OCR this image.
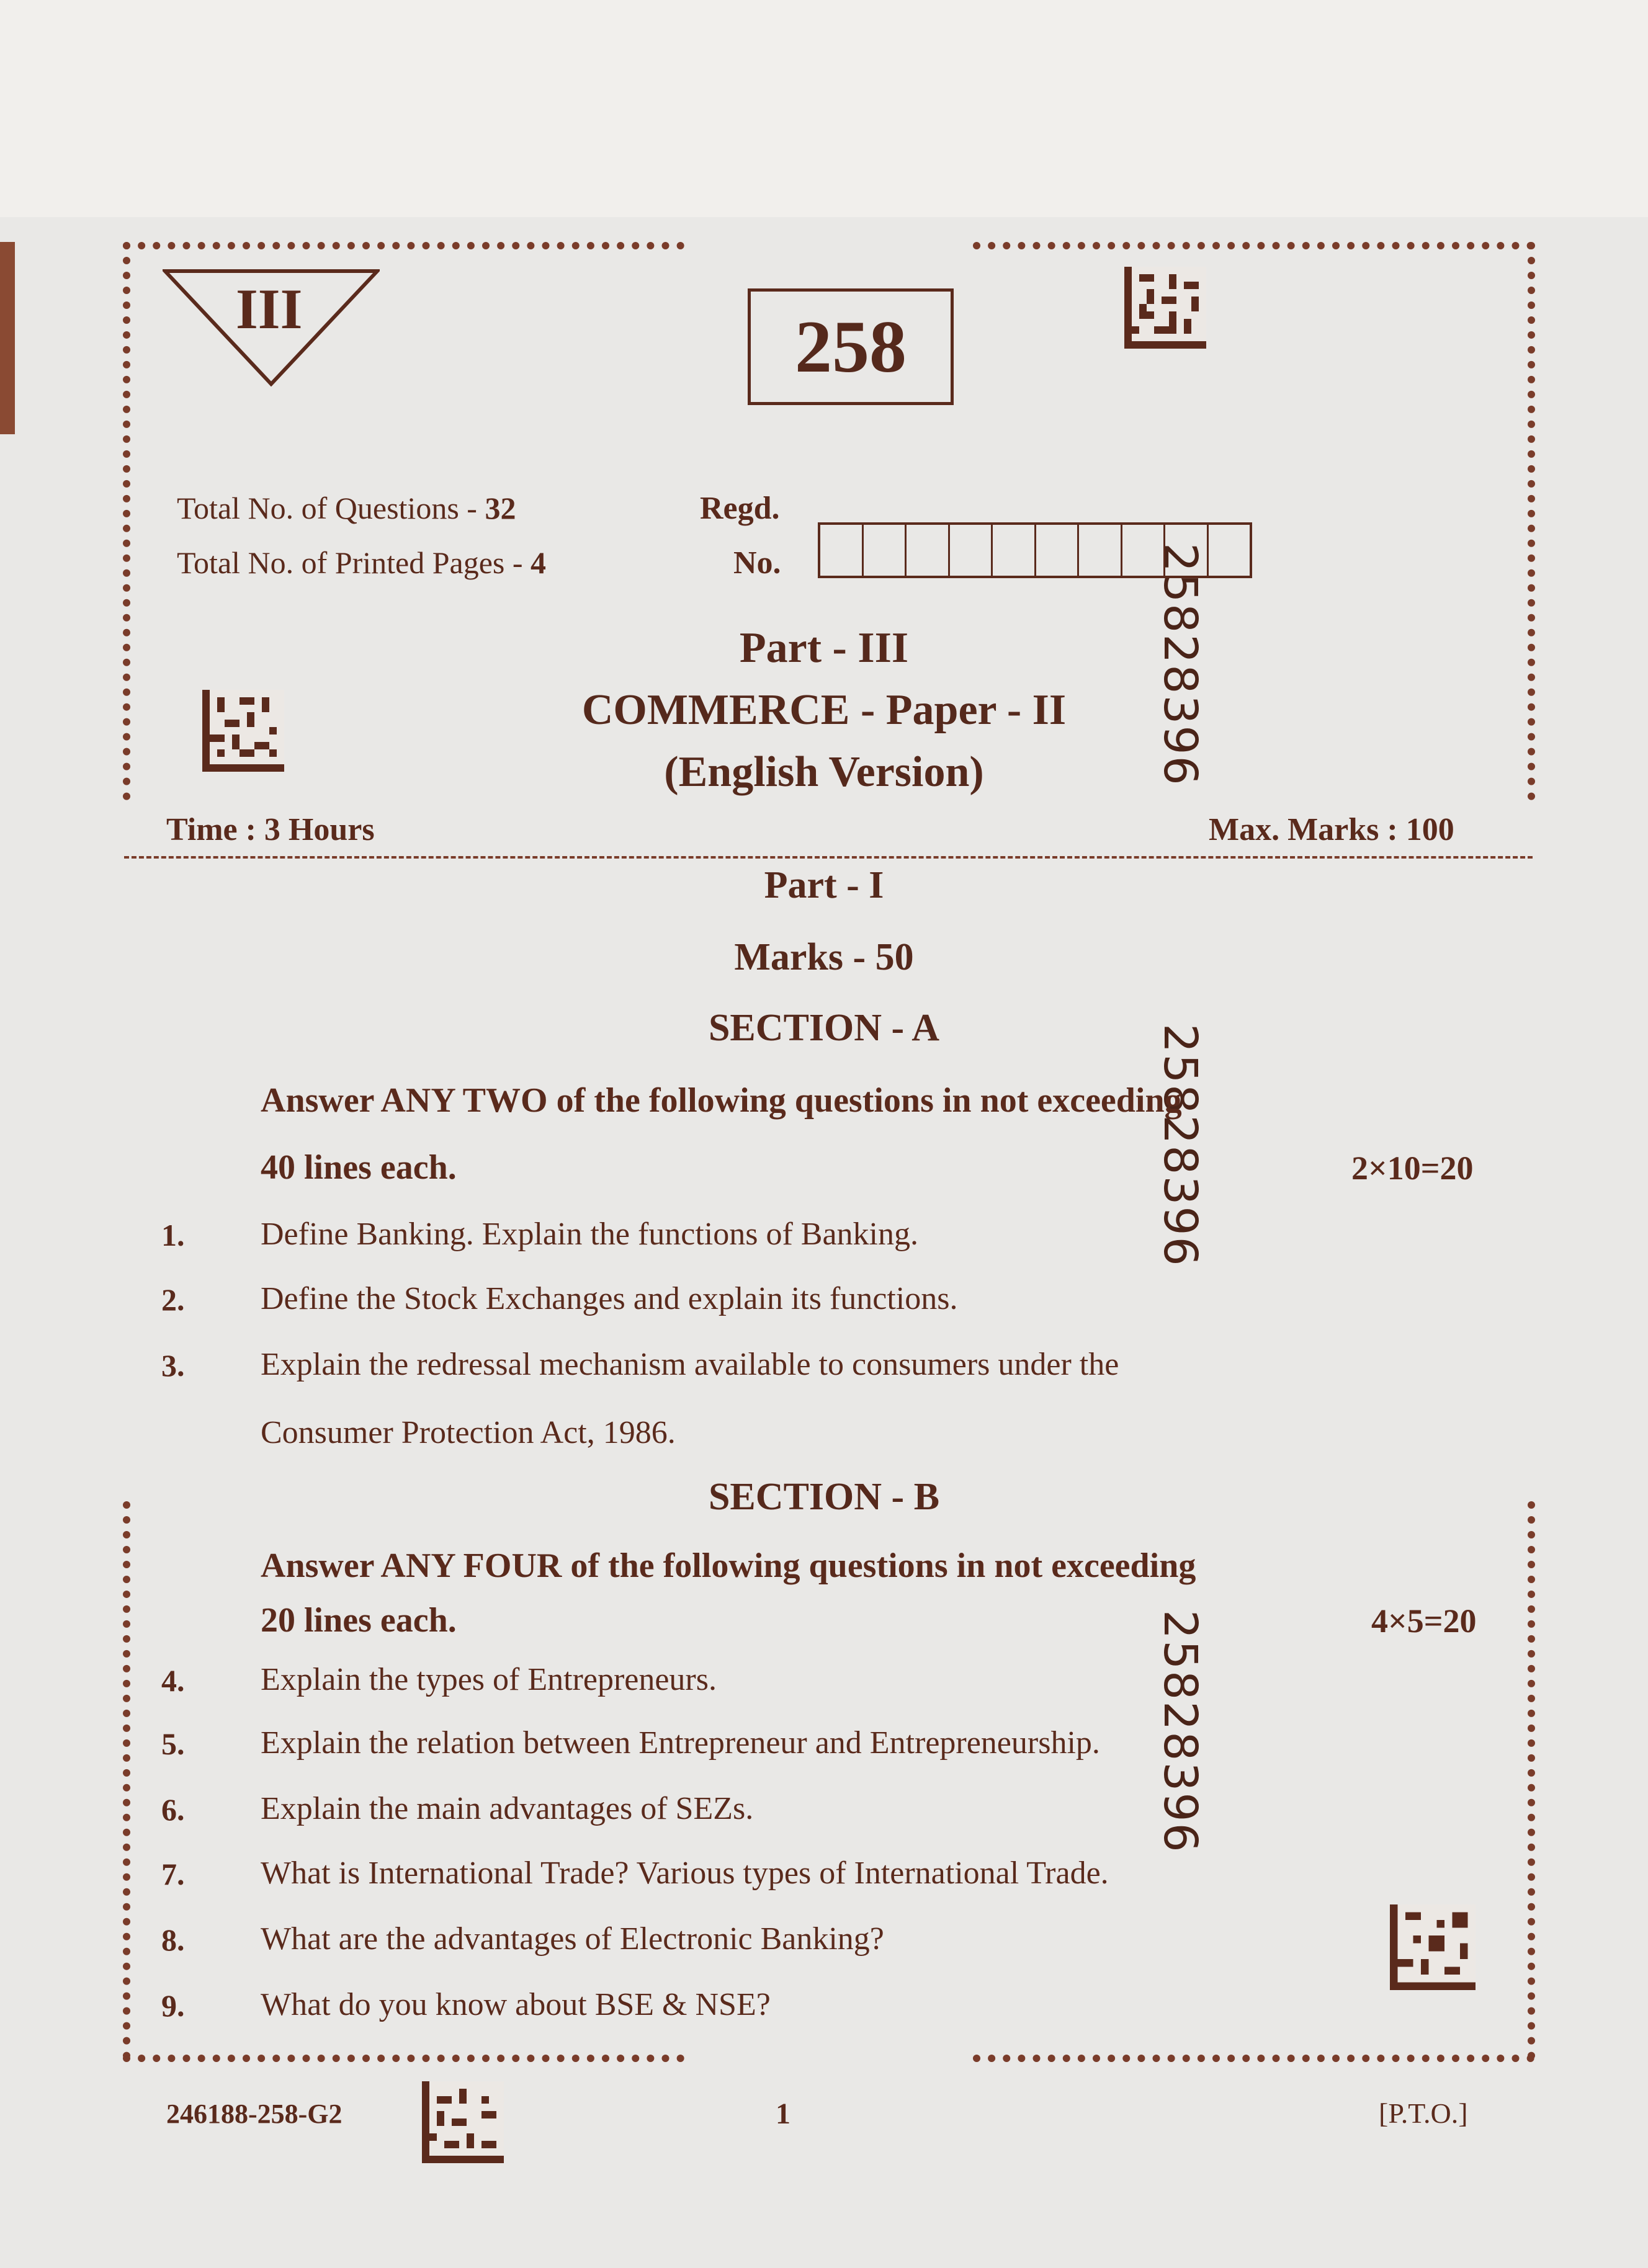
III	258
25828396
25828396
25828396
Total No. of Questions - 32
Total No. of Printed Pages - 4
Regd.
No.
Part - III
COMMERCE - Paper - II
(English Version)
Time : 3 Hours	Max. Marks : 100
Part - I
Marks - 50
SECTION - A
Answer ANY TWO of the following questions in not exceeding
40 lines each.	2×10=20
1. Define Banking. Explain the functions of Banking.
2. Define the Stock Exchanges and explain its functions.
3. Explain the redressal mechanism available to consumers under the
Consumer Protection Act, 1986.
SECTION - B
Answer ANY FOUR of the following questions in not exceeding
20 lines each.	4×5=20
4. Explain the types of Entrepreneurs.
5. Explain the relation between Entrepreneur and Entrepreneurship.
6. Explain the main advantages of SEZs.
7. What is International Trade? Various types of International Trade.
8. What are the advantages of Electronic Banking?
9. What do you know about BSE & NSE?
246188-258-G2	1	[P.T.O.]
